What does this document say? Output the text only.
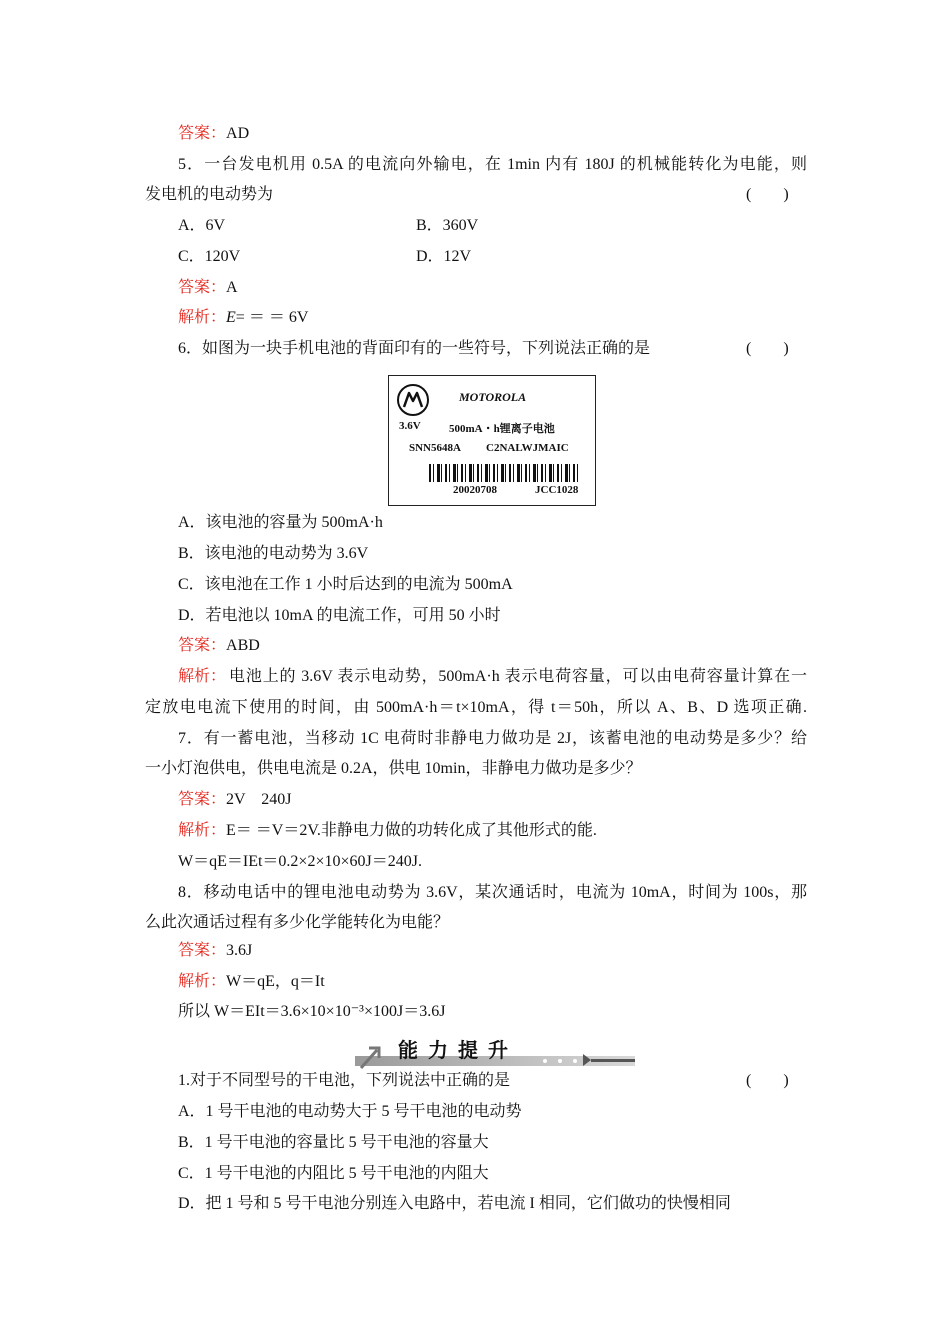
答案：AD
5．一台发电机用 0.5A 的电流向外输电，在 1min 内有 180J 的机械能转化为电能，则
发电机的电动势为	(　　)
A．6V	B．360V
C．120V	D．12V
答案：A
解析：E= ＝ ＝ 6V
6．如图为一块手机电池的背面印有的一些符号，下列说法正确的是	(　　)
MOTOROLA
3.6V	500mA・h锂离子电池
SNN5648A C2NALWJMAIC
20020708	JCC1028
A．该电池的容量为 500mA·h
B．该电池的电动势为 3.6V
C．该电池在工作 1 小时后达到的电流为 500mA
D．若电池以 10mA 的电流工作，可用 50 小时
答案：ABD
解析： 电池上的 3.6V 表示电动势，500mA·h 表示电荷容量，可以由电荷容量计算在一
定放电电流下使用的时间，由 500mA·h＝t×10mA，得 t＝50h，所以 A、B、D 选项正确.
7．有一蓄电池，当移动 1C 电荷时非静电力做功是 2J，该蓄电池的电动势是多少？给
一小灯泡供电，供电电流是 0.2A，供电 10min，非静电力做功是多少？
答案：2V　240J
解析：E＝ ＝V＝2V.非静电力做的功转化成了其他形式的能.
W＝qE＝IEt＝0.2×2×10×60J＝240J.
8．移动电话中的锂电池电动势为 3.6V，某次通话时，电流为 10mA，时间为 100s，那
么此次通话过程有多少化学能转化为电能？
答案：3.6J
解析：W＝qE，q＝It
所以 W＝EIt＝3.6×10×10⁻³×100J＝3.6J
能力提升
1.对于不同型号的干电池，下列说法中正确的是	(　　)
A．1 号干电池的电动势大于 5 号干电池的电动势
B．1 号干电池的容量比 5 号干电池的容量大
C．1 号干电池的内阻比 5 号干电池的内阻大
D．把 1 号和 5 号干电池分别连入电路中，若电流 I 相同，它们做功的快慢相同
